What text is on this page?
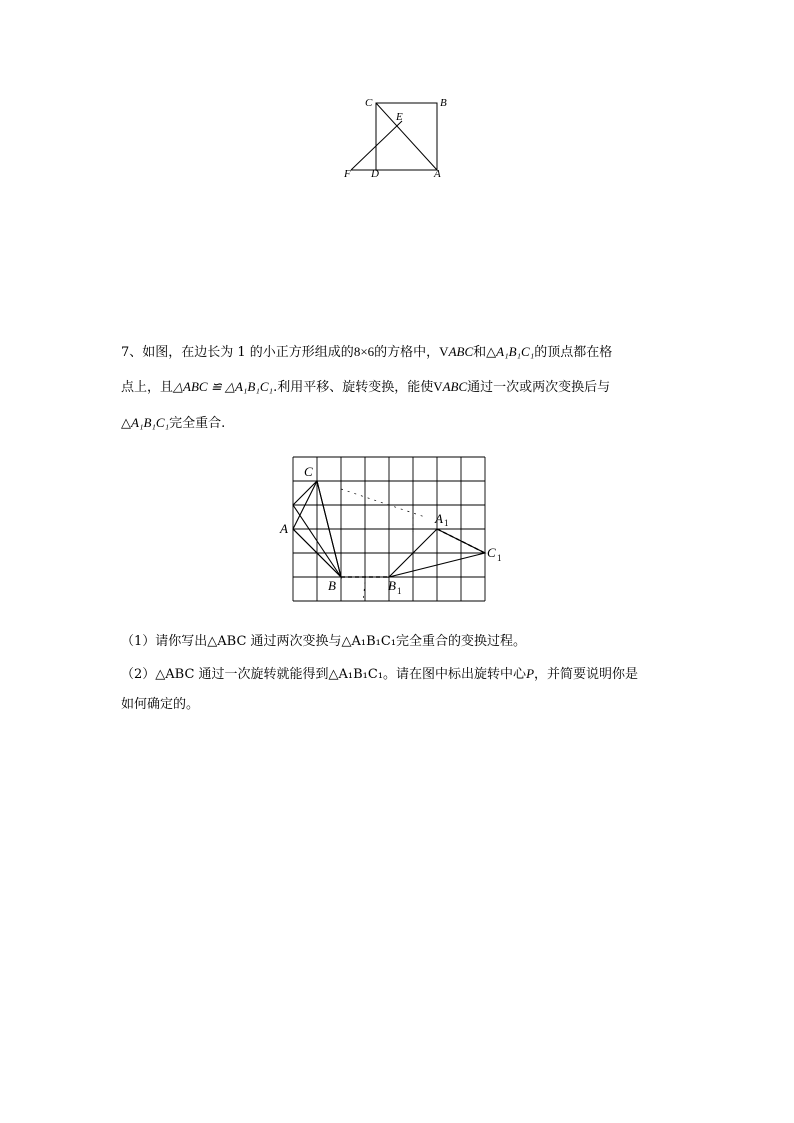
C	B
E
F D	A
7、如图，在边长为 1 的小正方形组成的8×6的方格中，VABC和△A₁B₁C₁的顶点都在格
点上，且△ABC ≌ △A₁B₁C₁.利用平移、旋转变换，能使VABC通过一次或两次变换后与
△A₁B₁C₁完全重合.
C
A
B
A 1
C 1
B 1
（1）请你写出△ABC 通过两次变换与△A₁B₁C₁完全重合的变换过程。
（2）△ABC 通过一次旋转就能得到△A₁B₁C₁。请在图中标出旋转中心P，并简要说明你是
如何确定的。
